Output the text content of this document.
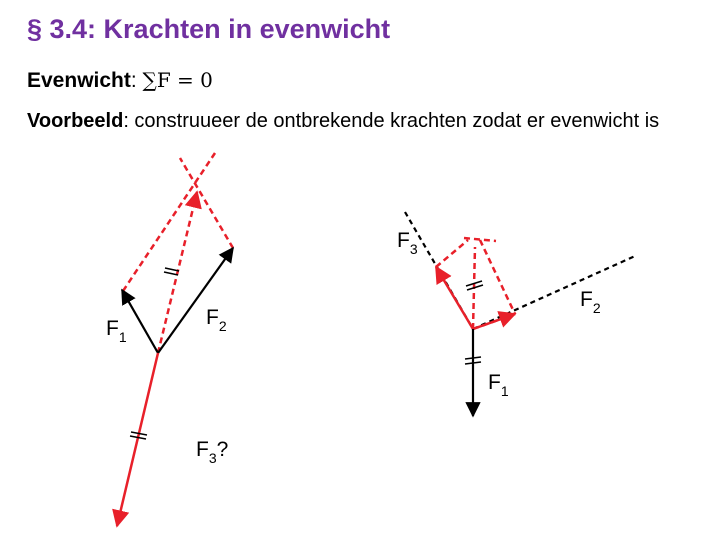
§ 3.4: Krachten in evenwicht
Evenwicht: ∑F = 0
Voorbeeld: construueer de ontbrekende krachten zodat er evenwicht is
$F_1$
$F_2$
$F_3$?
$F_3$
$F_2$
$F_1$
